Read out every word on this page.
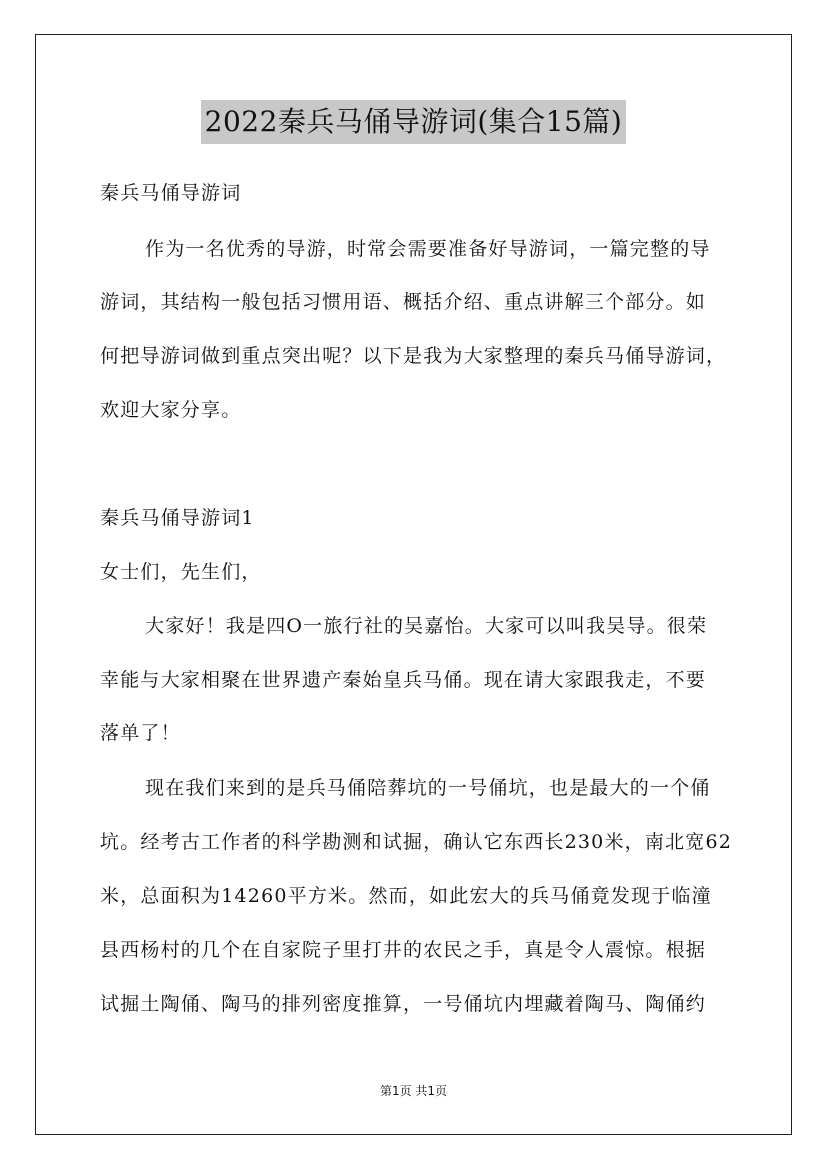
2022秦兵马俑导游词(集合15篇)
秦兵马俑导游词
作为一名优秀的导游，时常会需要准备好导游词，一篇完整的导
游词，其结构一般包括习惯用语、概括介绍、重点讲解三个部分。如
何把导游词做到重点突出呢？以下是我为大家整理的秦兵马俑导游词，
欢迎大家分享。
秦兵马俑导游词1
女士们，先生们，
大家好！我是四O一旅行社的吴嘉怡。大家可以叫我吴导。很荣
幸能与大家相聚在世界遗产秦始皇兵马俑。现在请大家跟我走，不要
落单了！
现在我们来到的是兵马俑陪葬坑的一号俑坑，也是最大的一个俑
坑。经考古工作者的科学勘测和试掘，确认它东西长230米，南北宽62
米，总面积为14260平方米。然而，如此宏大的兵马俑竟发现于临潼
县西杨村的几个在自家院子里打井的农民之手，真是令人震惊。根据
试掘土陶俑、陶马的排列密度推算，一号俑坑内埋藏着陶马、陶俑约
第1页 共1页
